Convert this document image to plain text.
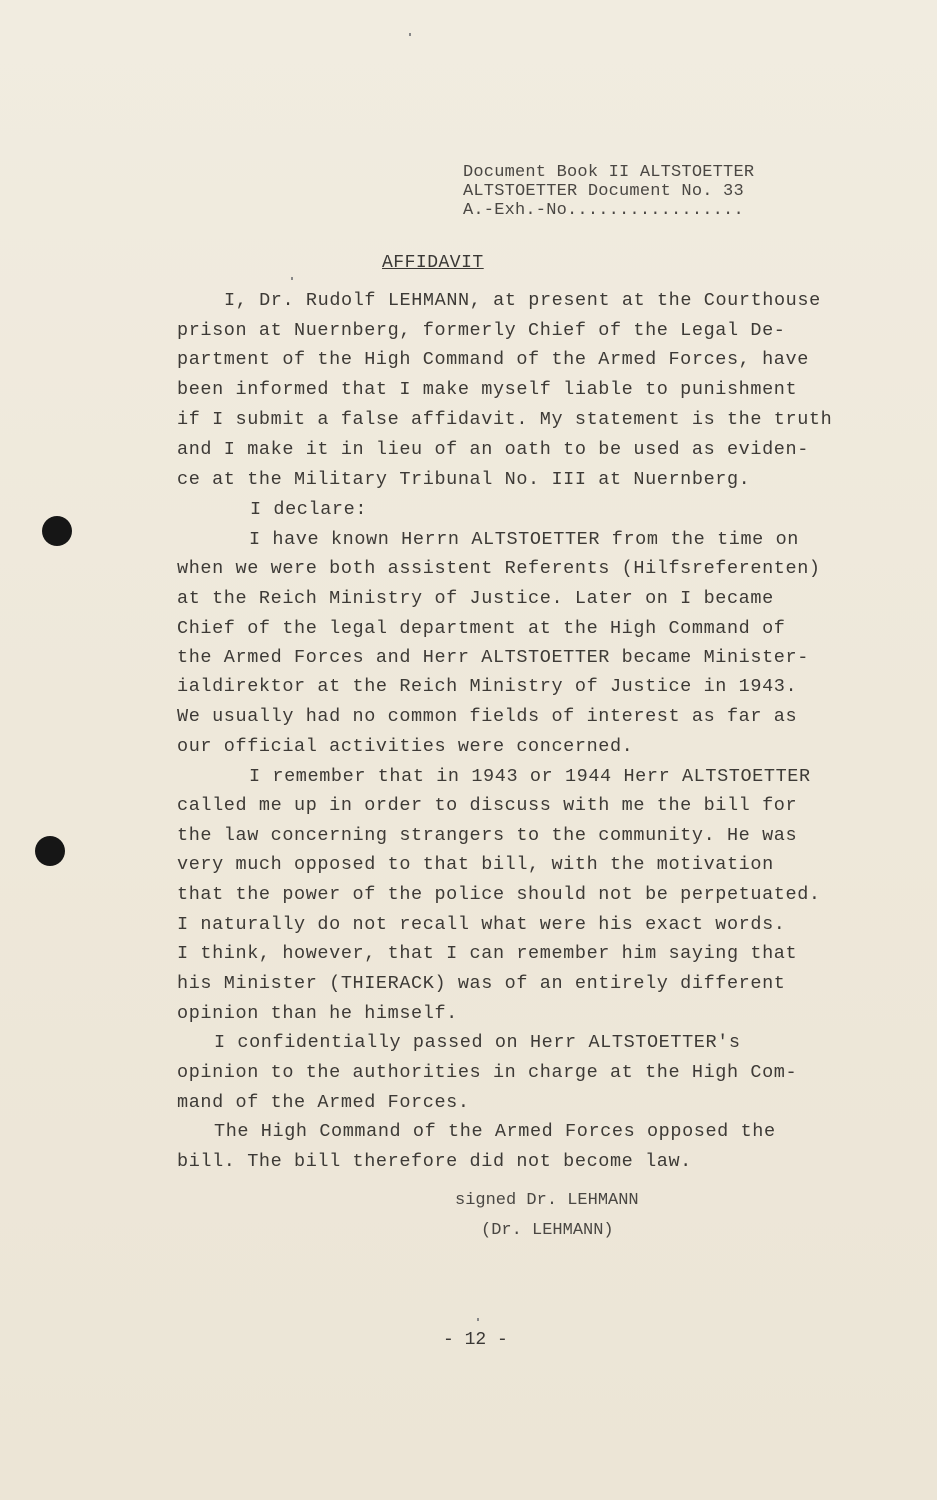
Document Book II ALTSTOETTER
ALTSTOETTER Document No. 33
A.-Exh.-No.................
AFFIDAVIT
I, Dr. Rudolf LEHMANN, at present at the Courthouse
prison at Nuernberg, formerly Chief of the Legal De-
partment of the High Command of the Armed Forces, have
been informed that I make myself liable to punishment
if I submit a false affidavit. My statement is the truth
and I make it in lieu of an oath to be used as eviden-
ce at the Military Tribunal No. III at Nuernberg.
I declare:
I have known Herrn ALTSTOETTER from the time on
when we were both assistent Referents (Hilfsreferenten)
at the Reich Ministry of Justice. Later on I became
Chief of the legal department at the High Command of
the Armed Forces and Herr ALTSTOETTER became Minister-
ialdirektor at the Reich Ministry of Justice in 1943.
We usually had no common fields of interest as far as
our official activities were concerned.
I remember that in 1943 or 1944 Herr ALTSTOETTER
called me up in order to discuss with me the bill for
the law concerning strangers to the community. He was
very much opposed to that bill, with the motivation
that the power of the police should not be perpetuated.
I naturally do not recall what were his exact words.
I think, however, that I can remember him saying that
his Minister (THIERACK) was of an entirely different
opinion than he himself.
I confidentially passed on Herr ALTSTOETTER's
opinion to the authorities in charge at the High Com-
mand of the Armed Forces.
The High Command of the Armed Forces opposed the
bill. The bill therefore did not become law.
signed Dr. LEHMANN
(Dr. LEHMANN)
- 12 -
